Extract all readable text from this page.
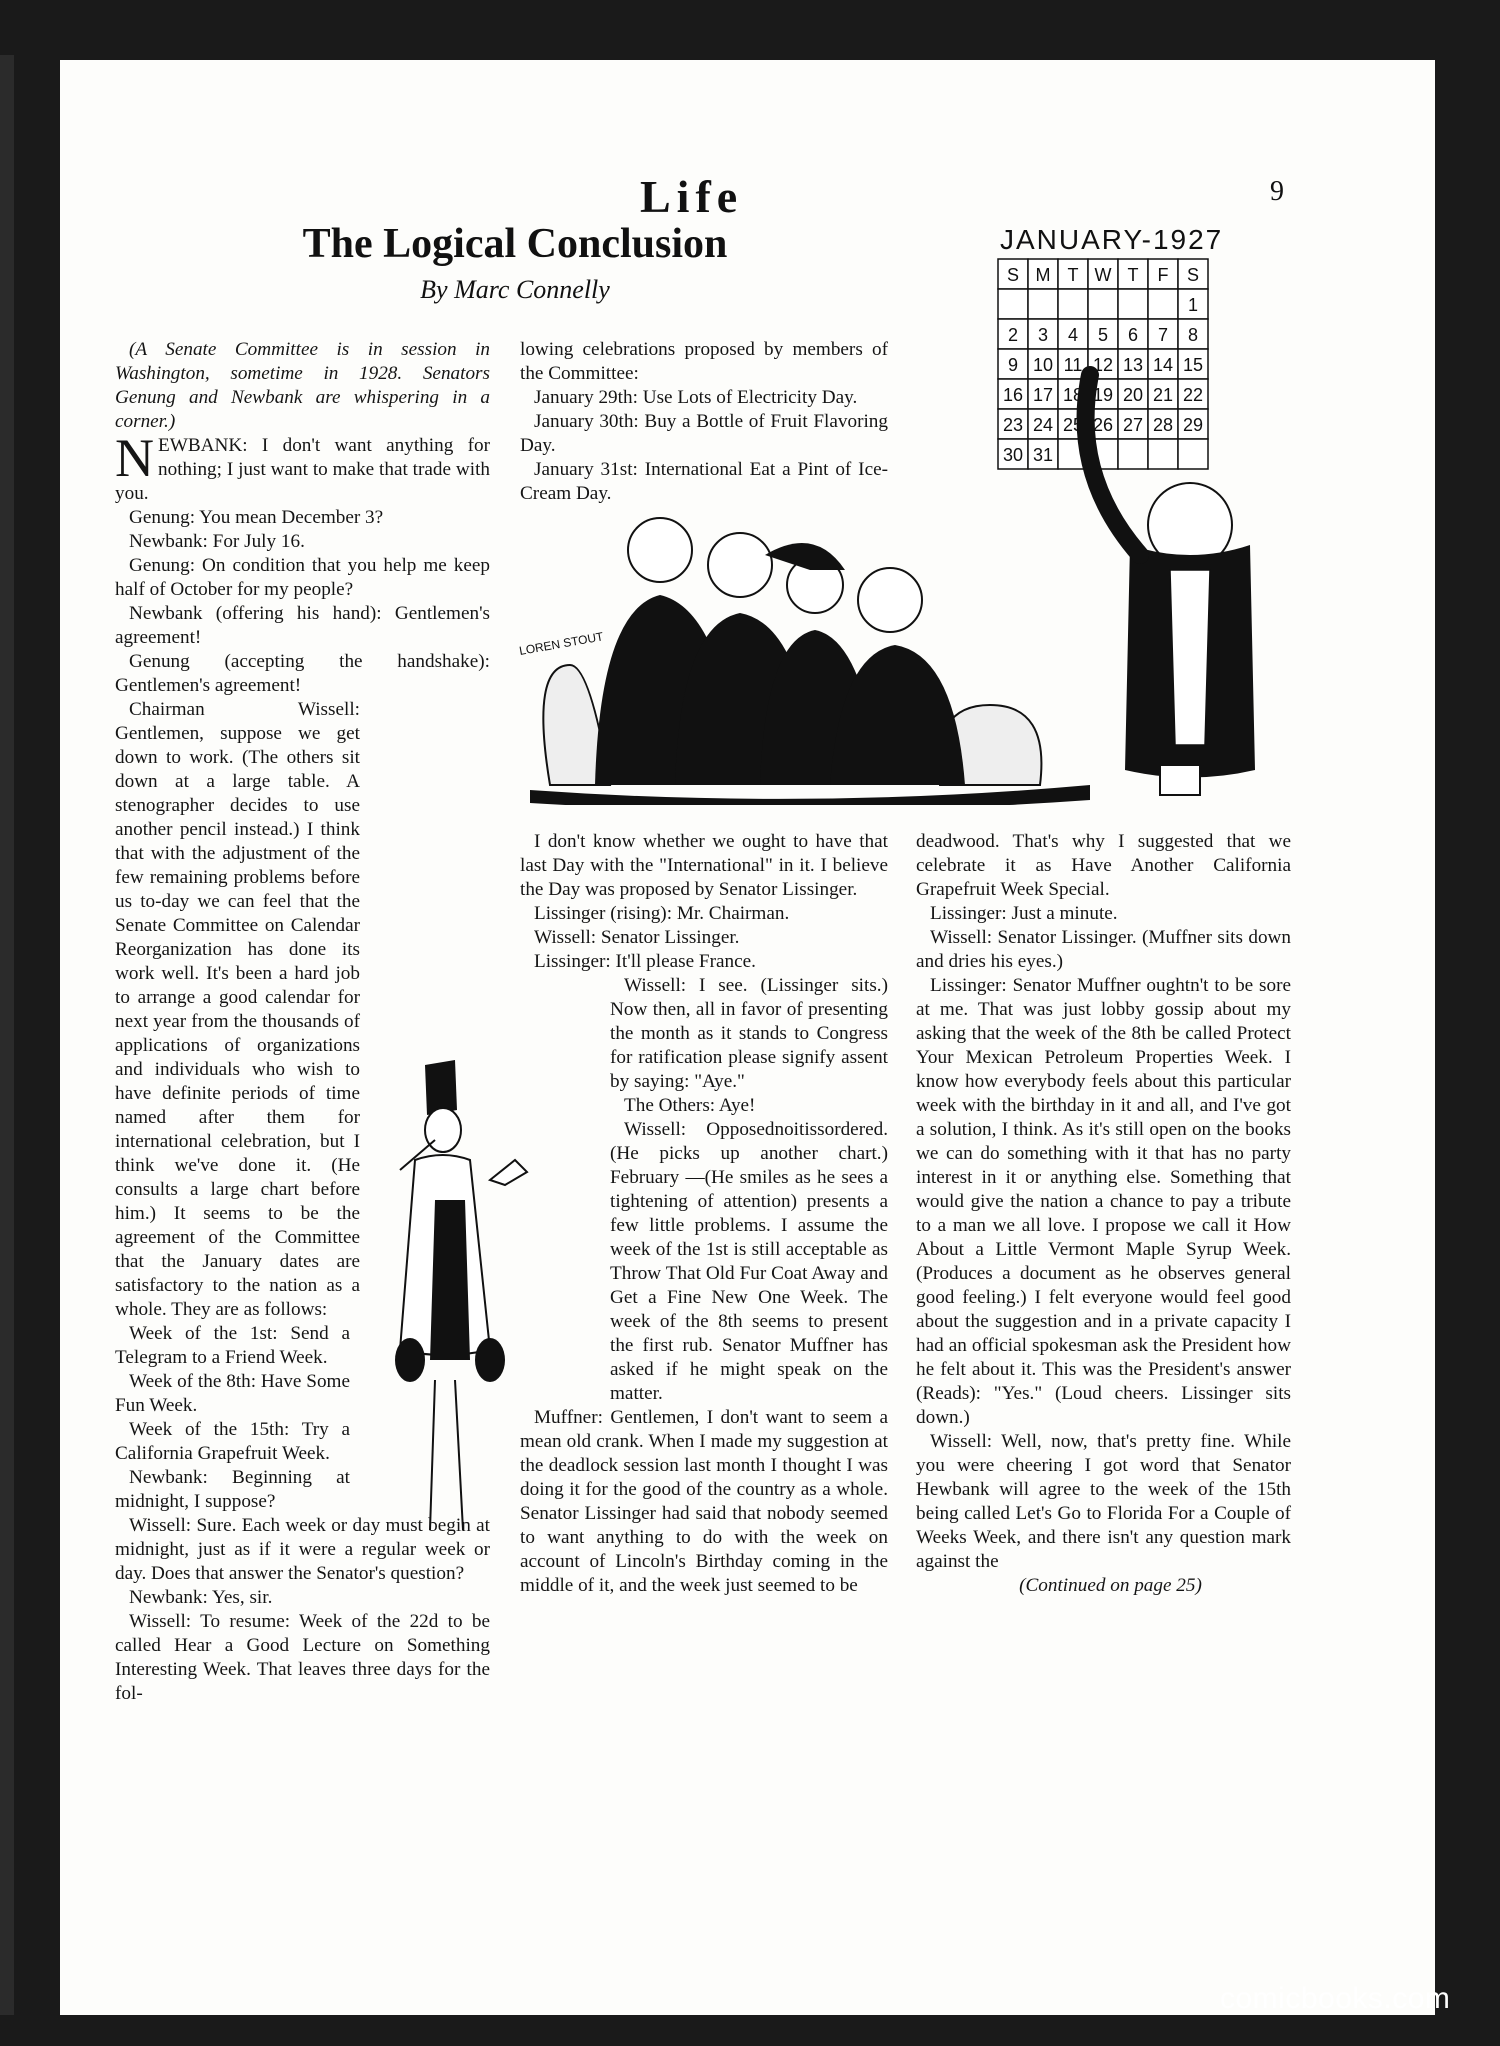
Life	9
The Logical Conclusion
By Marc Connelly

(A Senate Committee is in session in Washington, sometime in 1928. Senators Genung and Newbank are whispering in a corner.)

NEWBANK: I don't want anything for nothing; I just want to make that trade with you.

Genung: You mean December 3?

Newbank: For July 16.

Genung: On condition that you help me keep half of October for my people?

Newbank (offering his hand): Gentlemen's agreement!

Genung (accepting the handshake): Gentlemen's agreement!

Chairman Wissell: Gentlemen, suppose we get down to work. (The others sit down at a large table. A stenographer decides to use another pencil instead.) I think that with the adjustment of the few remaining problems before us to-day we can feel that the Senate Committee on Calendar Reorganization has done its work well. It's been a hard job to arrange a good calendar for next year from the thousands of applications of organizations and individuals who wish to have definite periods of time named after them for international celebration, but I think we've done it. (He consults a large chart before him.) It seems to be the agreement of the Committee that the January dates are satisfactory to the nation as a whole. They are as follows:

Week of the 1st: Send a Telegram to a Friend Week.

Week of the 8th: Have Some Fun Week.

Week of the 15th: Try a California Grapefruit Week.

Newbank: Beginning at midnight, I suppose?

Wissell: Sure. Each week or day must begin at midnight, just as if it were a regular week or day. Does that answer the Senator's question?

Newbank: Yes, sir.

Wissell: To resume: Week of the 22d to be called Hear a Good Lecture on Something Interesting Week. That leaves three days for the fol-

lowing celebrations proposed by members of the Committee:

January 29th: Use Lots of Electricity Day.

January 30th: Buy a Bottle of Fruit Flavoring Day.

January 31st: International Eat a Pint of Ice-Cream Day.

I don't know whether we ought to have that last Day with the "International" in it. I believe the Day was proposed by Senator Lissinger.

Lissinger (rising): Mr. Chairman.

Wissell: Senator Lissinger.

Lissinger: It'll please France.

Wissell: I see. (Lissinger sits.) Now then, all in favor of presenting the month as it stands to Congress for ratification please signify assent by saying: "Aye."

The Others: Aye!

Wissell: Opposednoitissordered. (He picks up another chart.) February —(He smiles as he sees a tightening of attention) presents a few little problems. I assume the week of the 1st is still acceptable as Throw That Old Fur Coat Away and Get a Fine New One Week. The week of the 8th seems to present the first rub. Senator Muffner has asked if he might speak on the matter.

Muffner: Gentlemen, I don't want to seem a mean old crank. When I made my suggestion at the deadlock session last month I thought I was doing it for the good of the country as a whole. Senator Lissinger had said that nobody seemed to want anything to do with the week on account of Lincoln's Birthday coming in the middle of it, and the week just seemed to be

deadwood. That's why I suggested that we celebrate it as Have Another California Grapefruit Week Special.

Lissinger: Just a minute.

Wissell: Senator Lissinger. (Muffner sits down and dries his eyes.)

Lissinger: Senator Muffner oughtn't to be sore at me. That was just lobby gossip about my asking that the week of the 8th be called Protect Your Mexican Petroleum Properties Week. I know how everybody feels about this particular week with the birthday in it and all, and I've got a solution, I think. As it's still open on the books we can do something with it that has no party interest in it or anything else. Something that would give the nation a chance to pay a tribute to a man we all love. I propose we call it How About a Little Vermont Maple Syrup Week. (Produces a document as he observes general good feeling.) I felt everyone would feel good about the suggestion and in a private capacity I had an official spokesman ask the President how he felt about it. This was the President's answer (Reads): "Yes." (Loud cheers. Lissinger sits down.)

Wissell: Well, now, that's pretty fine. While you were cheering I got word that Senator Hewbank will agree to the week of the 15th being called Let's Go to Florida For a Couple of Weeks Week, and there isn't any question mark against the

(Continued on page 25)

JANUARY-1927
S M T W T F S
1
2 3 4 5 6 7 8
9 10 11 12 13 14 15
16 17 18 19 20 21 22
23 24 25 26 27 28 29
30 31
LOREN STOUT
comicbooks.com
